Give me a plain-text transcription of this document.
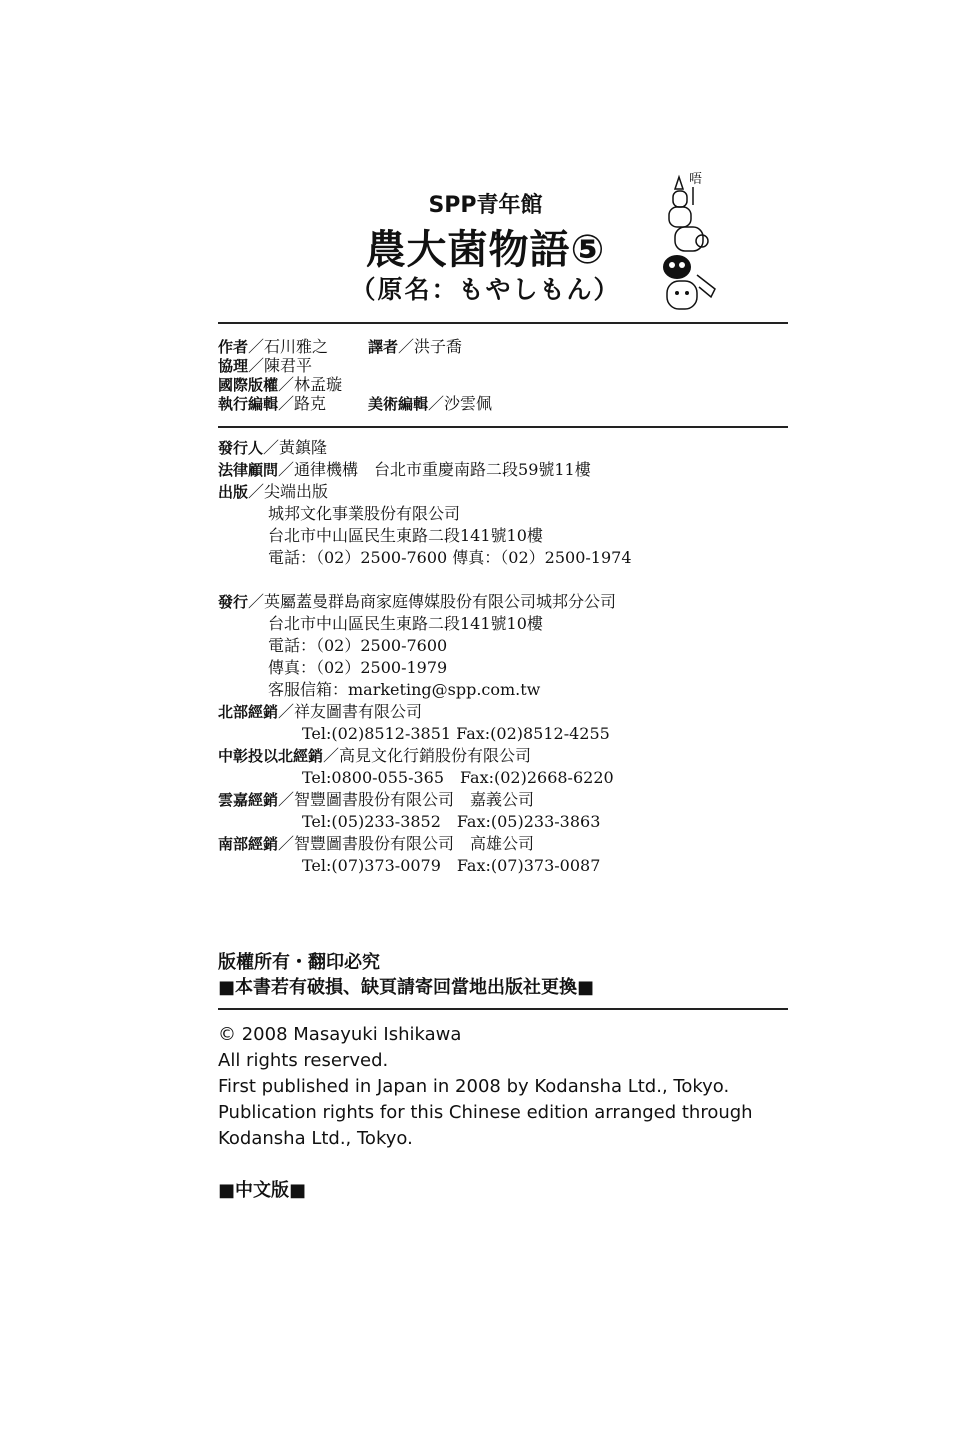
SPP青年館
農大菌物語⑤
（原名：もやしもん）
唔
作者／石川雅之	譯者／洪子喬
協理／陳君平
國際版權／林孟璇
執行編輯／路克	美術編輯／沙雲佩
發行人／黃鎮隆
法律顧問／通律機構　台北市重慶南路二段59號11樓
出版／尖端出版
城邦文化事業股份有限公司
台北市中山區民生東路二段141號10樓
電話：（02）2500-7600 傳真：（02）2500-1974
發行／英屬蓋曼群島商家庭傳媒股份有限公司城邦分公司
台北市中山區民生東路二段141號10樓
電話：（02）2500-7600
傳真：（02）2500-1979
客服信箱：marketing@spp.com.tw
北部經銷／祥友圖書有限公司
Tel:(02)8512-3851 Fax:(02)8512-4255
中彰投以北經銷／高見文化行銷股份有限公司
Tel:0800-055-365　Fax:(02)2668-6220
雲嘉經銷／智豐圖書股份有限公司　嘉義公司
Tel:(05)233-3852　Fax:(05)233-3863
南部經銷／智豐圖書股份有限公司　高雄公司
Tel:(07)373-0079　Fax:(07)373-0087
版權所有・翻印必究
■本書若有破損、缺頁請寄回當地出版社更換■
© 2008 Masayuki Ishikawa
All rights reserved.
First published in Japan in 2008 by Kodansha Ltd., Tokyo.
Publication rights for this Chinese edition arranged through
Kodansha Ltd., Tokyo.
■中文版■
